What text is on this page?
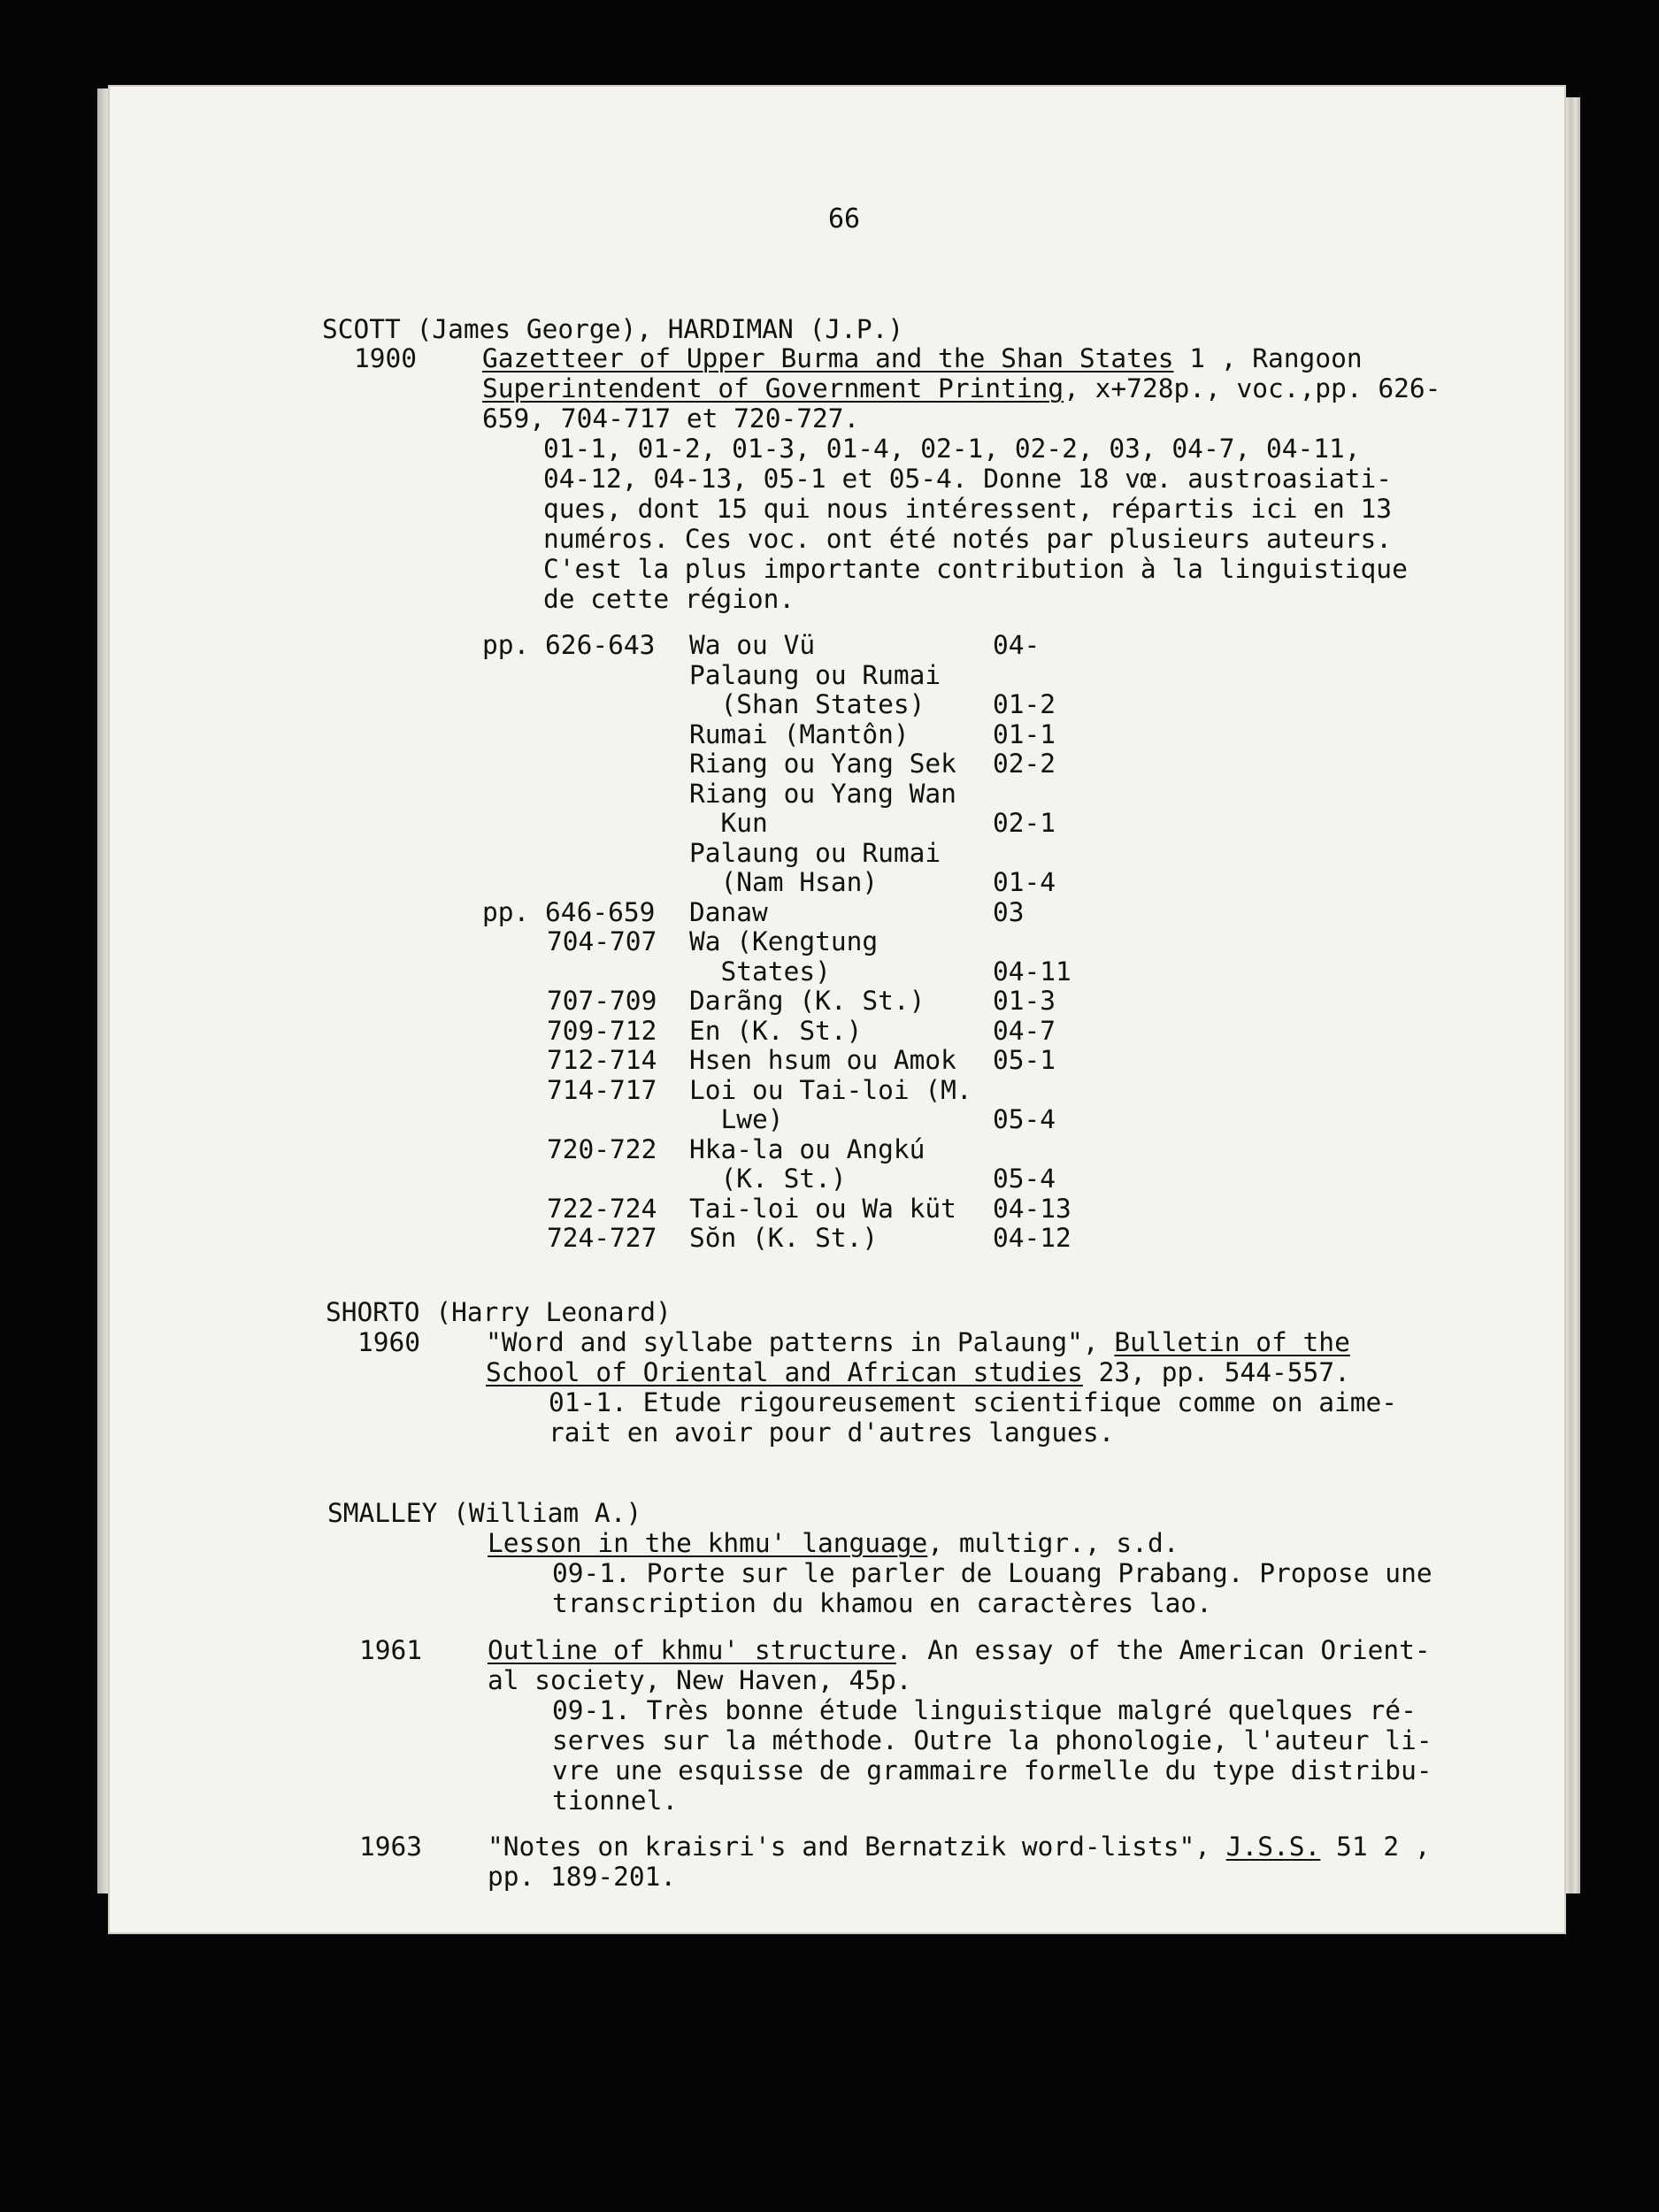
66
SCOTT (James George), HARDIMAN (J.P.)
1900	Gazetteer of Upper Burma and the Shan States 1 , Rangoon
Superintendent of Government Printing, x+728p., voc.,pp. 626-
659, 704-717 et 720-727.
01-1, 01-2, 01-3, 01-4, 02-1, 02-2, 03, 04-7, 04-11,
04-12, 04-13, 05-1 et 05-4. Donne 18 vœ. austroasiati-
ques, dont 15 qui nous intéressent, répartis ici en 13
numéros. Ces voc. ont été notés par plusieurs auteurs.
C'est la plus importante contribution à la linguistique
de cette région.
pp. 626-643 Wa ou Vü	04-
Palaung ou Rumai
(Shan States)	01-2
Rumai (Mantôn)	01-1
Riang ou Yang Sek 02-2
Riang ou Yang Wan
Kun	02-1
Palaung ou Rumai
(Nam Hsan)	01-4
pp. 646-659 Danaw	03
704-707 Wa (Kengtung
States)	04-11
707-709 Darãng (K. St.)	01-3
709-712 En (K. St.)	04-7
712-714 Hsen hsum ou Amok 05-1
714-717 Loi ou Tai-loi (M.
Lwe)	05-4
720-722 Hka-la ou Angkú
(K. St.)	05-4
722-724 Tai-loi ou Wa küt 04-13
724-727 Sŏn (K. St.)	04-12
SHORTO (Harry Leonard)
1960	"Word and syllabe patterns in Palaung", Bulletin of the
School of Oriental and African studies 23, pp. 544-557.
01-1. Etude rigoureusement scientifique comme on aime-
rait en avoir pour d'autres langues.
SMALLEY (William A.)
Lesson in the khmu' language, multigr., s.d.
09-1. Porte sur le parler de Louang Prabang. Propose une
transcription du khamou en caractères lao.
1961	Outline of khmu' structure. An essay of the American Orient-
al society, New Haven, 45p.
09-1. Très bonne étude linguistique malgré quelques ré-
serves sur la méthode. Outre la phonologie, l'auteur li-
vre une esquisse de grammaire formelle du type distribu-
tionnel.
1963	"Notes on kraisri's and Bernatzik word-lists", J.S.S. 51 2 ,
pp. 189-201.
